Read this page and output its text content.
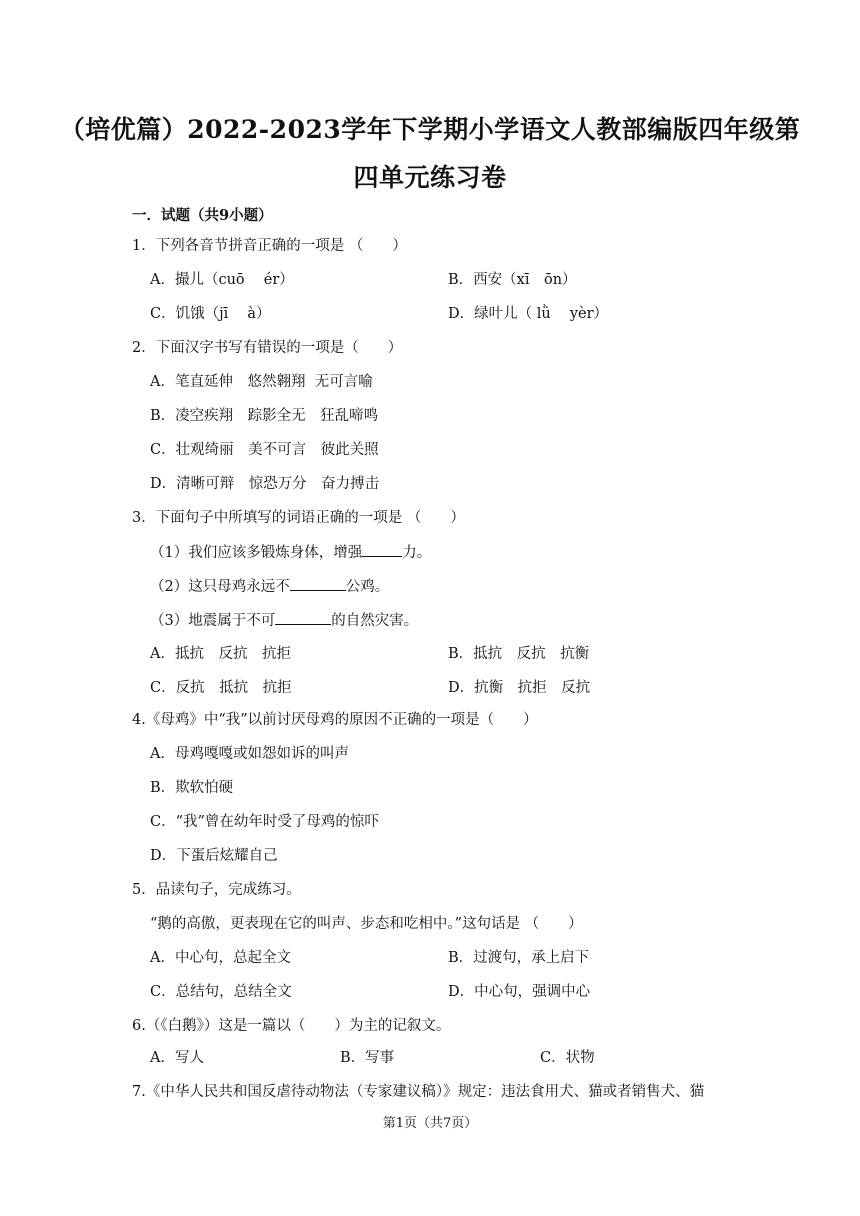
（培优篇）2022-2023学年下学期小学语文人教部编版四年级第
四单元练习卷
一．试题（共9小题）
1．下列各音节拼音正确的一项是 （　　）
A．撮儿（cuō　 ér）	B．西安（xī　ōn）
C．饥饿（jī　 à）	D．绿叶儿（ lǜ　 yèr）
2．下面汉字书写有错误的一项是（　　）
A．笔直延伸　悠然翱翔  无可言喻
B．凌空疾翔　踪影全无　狂乱啼鸣
C．壮观绮丽　美不可言　彼此关照
D．清晰可辩　惊恐万分　奋力搏击
3．下面句子中所填写的词语正确的一项是 （　　）
（1）我们应该多锻炼身体，增强	力。
（2）这只母鸡永远不	公鸡。
（3）地震属于不可	的自然灾害。
A．抵抗　反抗　抗拒	B．抵抗　反抗　抗衡
C．反抗　抵抗　抗拒	D．抗衡　抗拒　反抗
4.《母鸡》中“我”以前讨厌母鸡的原因不正确的一项是（　　）
A．母鸡嘎嘎或如怨如诉的叫声
B．欺软怕硬
C．“我”曾在幼年时受了母鸡的惊吓
D．下蛋后炫耀自己
5．品读句子，完成练习。
“鹅的高傲，更表现在它的叫声、步态和吃相中。”这句话是 （　　）
A．中心句，总起全文	B．过渡句，承上启下
C．总结句，总结全文	D．中心句，强调中心
6.（《白鹅》）这是一篇以（　　）为主的记叙文。
A．写人	B．写事	C．状物
7.《中华人民共和国反虐待动物法（专家建议稿）》规定：违法食用犬、猫或者销售犬、猫
第1页（共7页）
